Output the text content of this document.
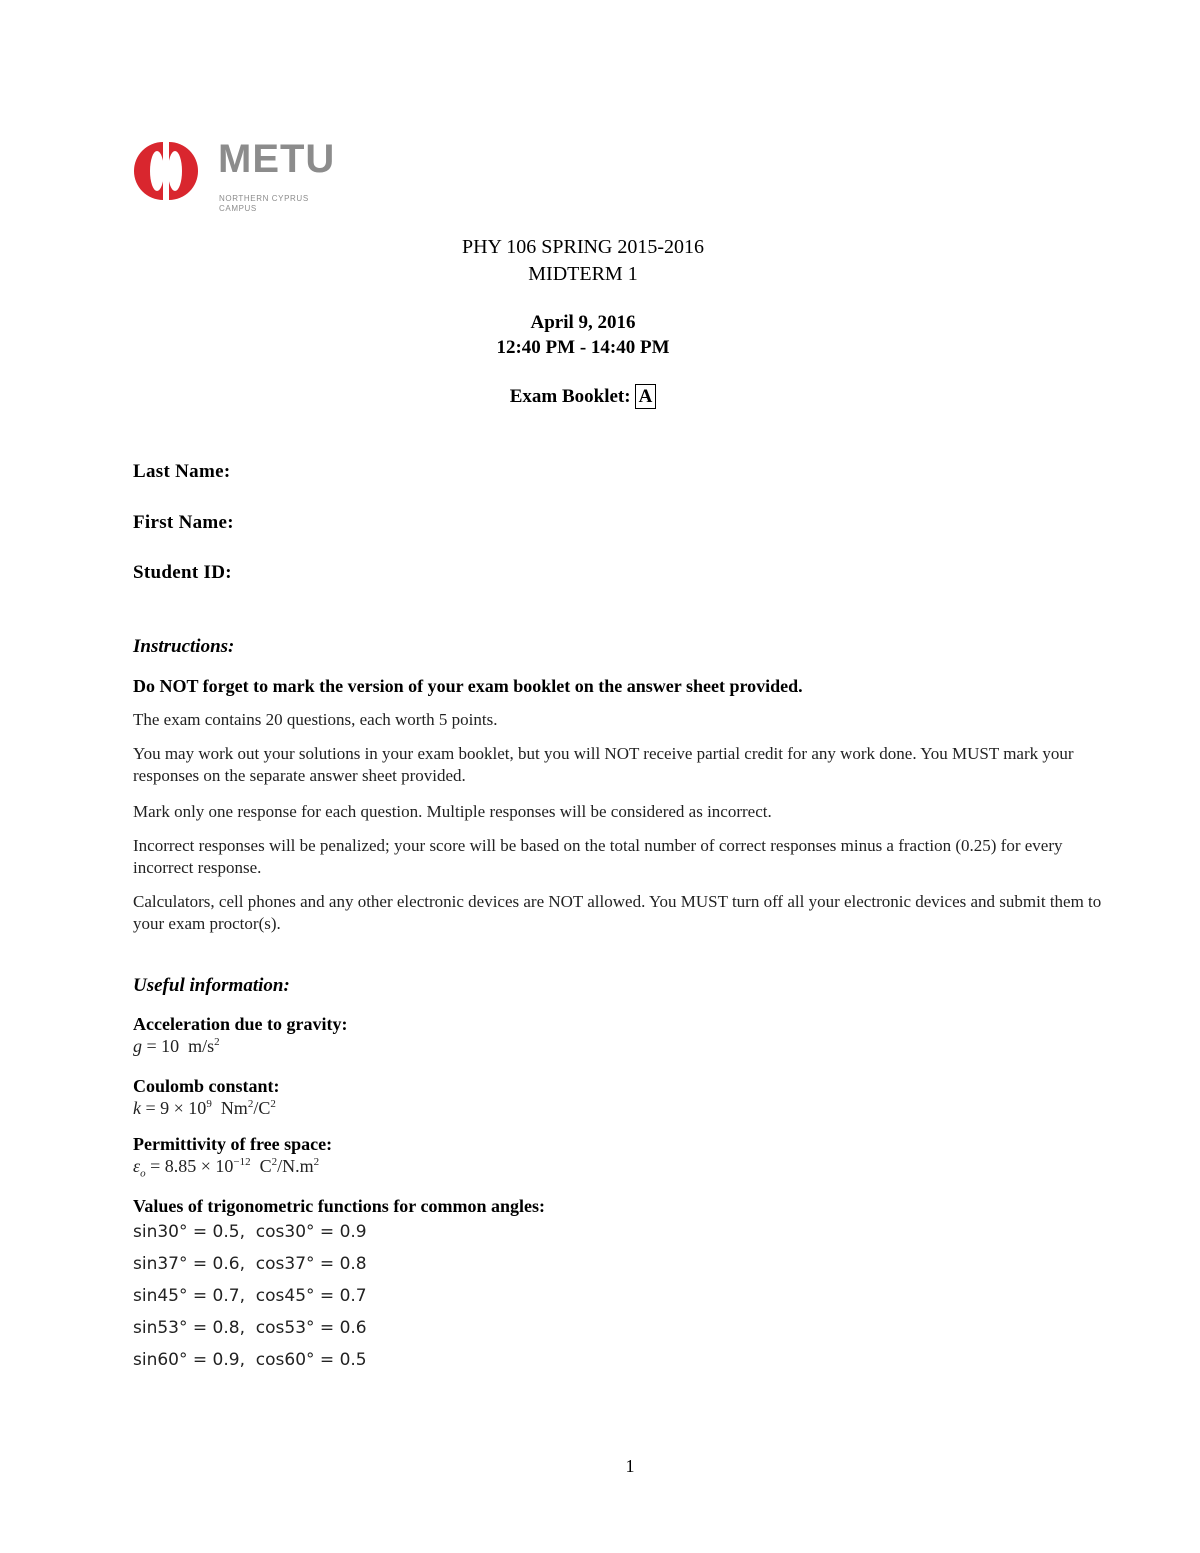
METU
NORTHERN CYPRUS
CAMPUS
PHY 106 SPRING 2015-2016
MIDTERM 1
April 9, 2016
12:40 PM - 14:40 PM
Exam Booklet: A
Last Name:
First Name:
Student ID:
Instructions:
Do NOT forget to mark the version of your exam booklet on the answer sheet provided.
The exam contains 20 questions, each worth 5 points.
You may work out your solutions in your exam booklet, but you will NOT receive partial credit for any work done. You MUST mark your responses on the separate answer sheet provided.
Mark only one response for each question. Multiple responses will be considered as incorrect.
Incorrect responses will be penalized; your score will be based on the total number of correct responses minus a fraction (0.25) for every incorrect response.
Calculators, cell phones and any other electronic devices are NOT allowed. You MUST turn off all your electronic devices and submit them to your exam proctor(s).
Useful information:
Acceleration due to gravity:
g = 10  $m/s^2$
Coulomb constant:
$k = 9 \times 10^9$  $Nm^2/C^2$
Permittivity of free space:
$\varepsilon_o = 8.85 \times 10^{-12}$  $C^2/N.m^2$
Values of trigonometric functions for common angles:
sin30° = 0.5,  cos30° = 0.9
sin37° = 0.6,  cos37° = 0.8
sin45° = 0.7,  cos45° = 0.7
sin53° = 0.8,  cos53° = 0.6
sin60° = 0.9,  cos60° = 0.5
1
